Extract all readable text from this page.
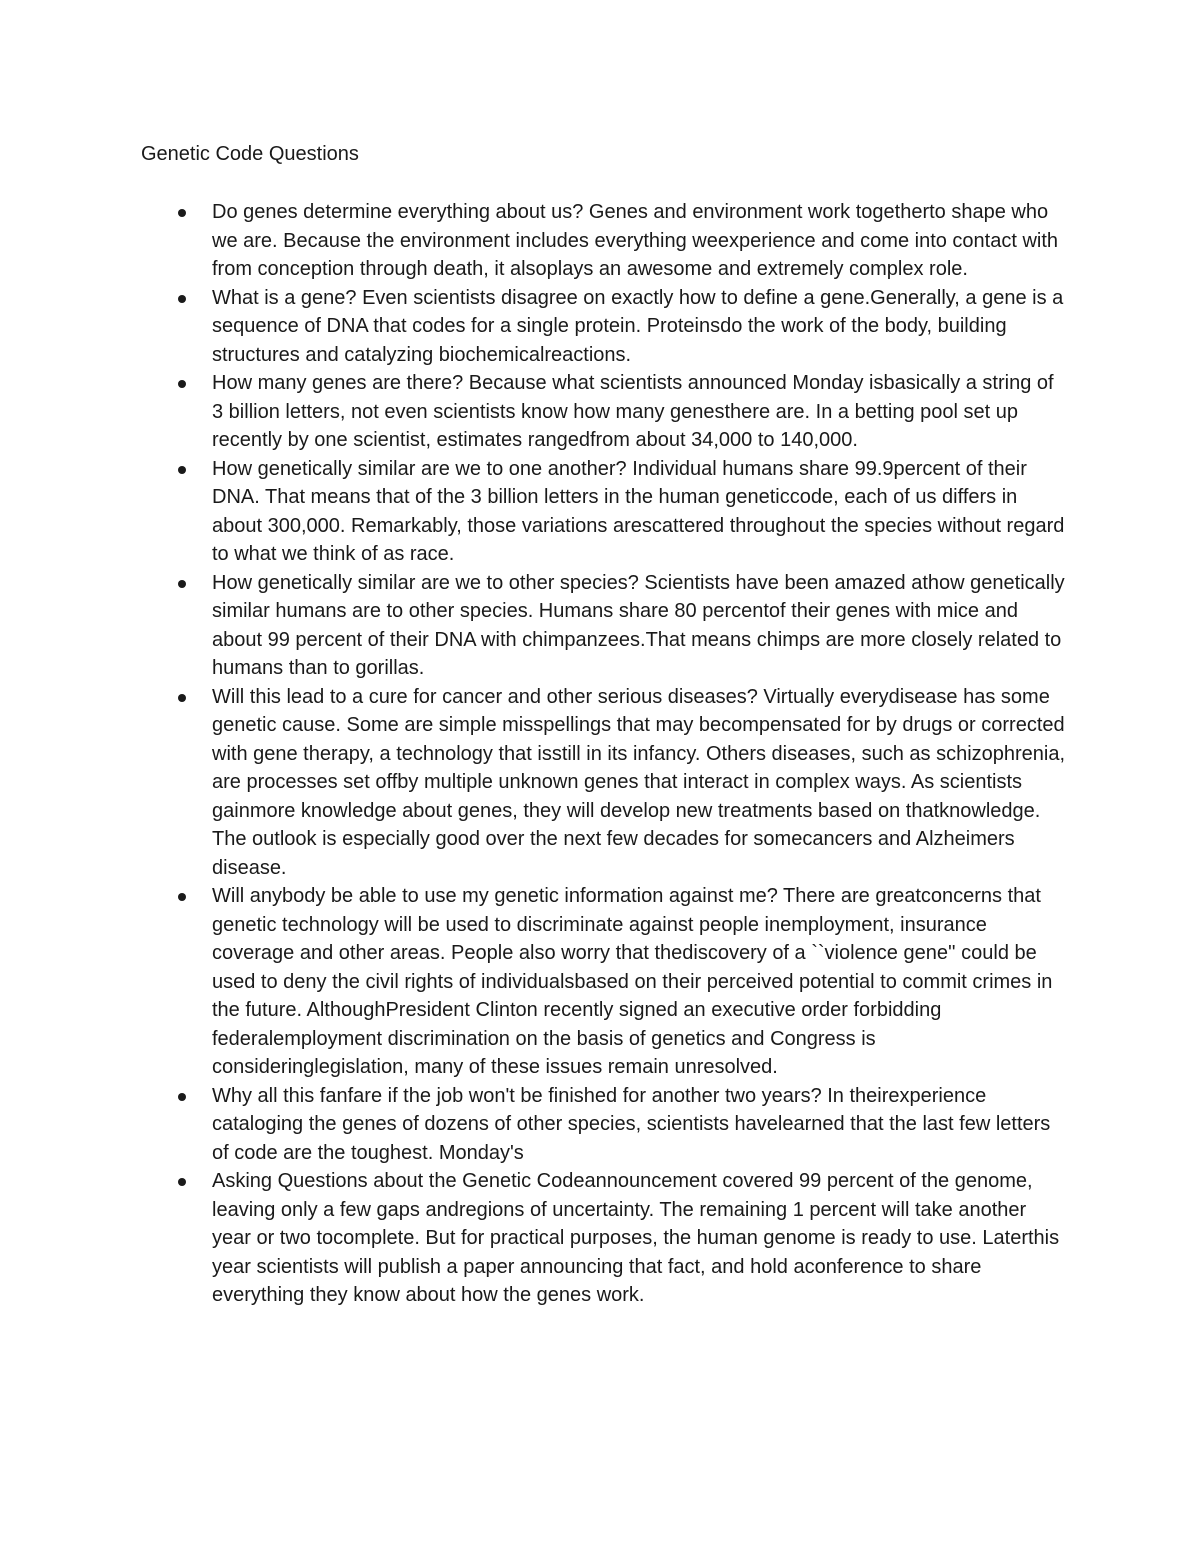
Genetic Code Questions
Do genes determine everything about us? Genes and environment work togetherto shape who we are. Because the environment includes everything weexperience and come into contact with from conception through death, it alsoplays an awesome and extremely complex role.
What is a gene? Even scientists disagree on exactly how to define a gene.Generally, a gene is a sequence of DNA that codes for a single protein. Proteinsdo the work of the body, building structures and catalyzing biochemicalreactions.
How many genes are there? Because what scientists announced Monday isbasically a string of 3 billion letters, not even scientists know how many genesthere are. In a betting pool set up recently by one scientist, estimates rangedfrom about 34,000 to 140,000.
How genetically similar are we to one another? Individual humans share 99.9percent of their DNA. That means that of the 3 billion letters in the human geneticcode, each of us differs in about 300,000. Remarkably, those variations arescattered throughout the species without regard to what we think of as race.
How genetically similar are we to other species? Scientists have been amazed athow genetically similar humans are to other species. Humans share 80 percentof their genes with mice and about 99 percent of their DNA with chimpanzees.That means chimps are more closely related to humans than to gorillas.
Will this lead to a cure for cancer and other serious diseases? Virtually everydisease has some genetic cause. Some are simple misspellings that may becompensated for by drugs or corrected with gene therapy, a technology that isstill in its infancy. Others diseases, such as schizophrenia, are processes set offby multiple unknown genes that interact in complex ways. As scientists gainmore knowledge about genes, they will develop new treatments based on thatknowledge. The outlook is especially good over the next few decades for somecancers and Alzheimers disease.
Will anybody be able to use my genetic information against me? There are greatconcerns that genetic technology will be used to discriminate against people inemployment, insurance coverage and other areas. People also worry that thediscovery of a ``violence gene'' could be used to deny the civil rights of individualsbased on their perceived potential to commit crimes in the future. AlthoughPresident Clinton recently signed an executive order forbidding federalemployment discrimination on the basis of genetics and Congress is consideringlegislation, many of these issues remain unresolved.
Why all this fanfare if the job won't be finished for another two years? In theirexperience cataloging the genes of dozens of other species, scientists havelearned that the last few letters of code are the toughest. Monday's
Asking Questions about the Genetic Codeannouncement covered 99 percent of the genome, leaving only a few gaps andregions of uncertainty. The remaining 1 percent will take another year or two tocomplete. But for practical purposes, the human genome is ready to use. Laterthis year scientists will publish a paper announcing that fact, and hold aconference to share everything they know about how the genes work.
